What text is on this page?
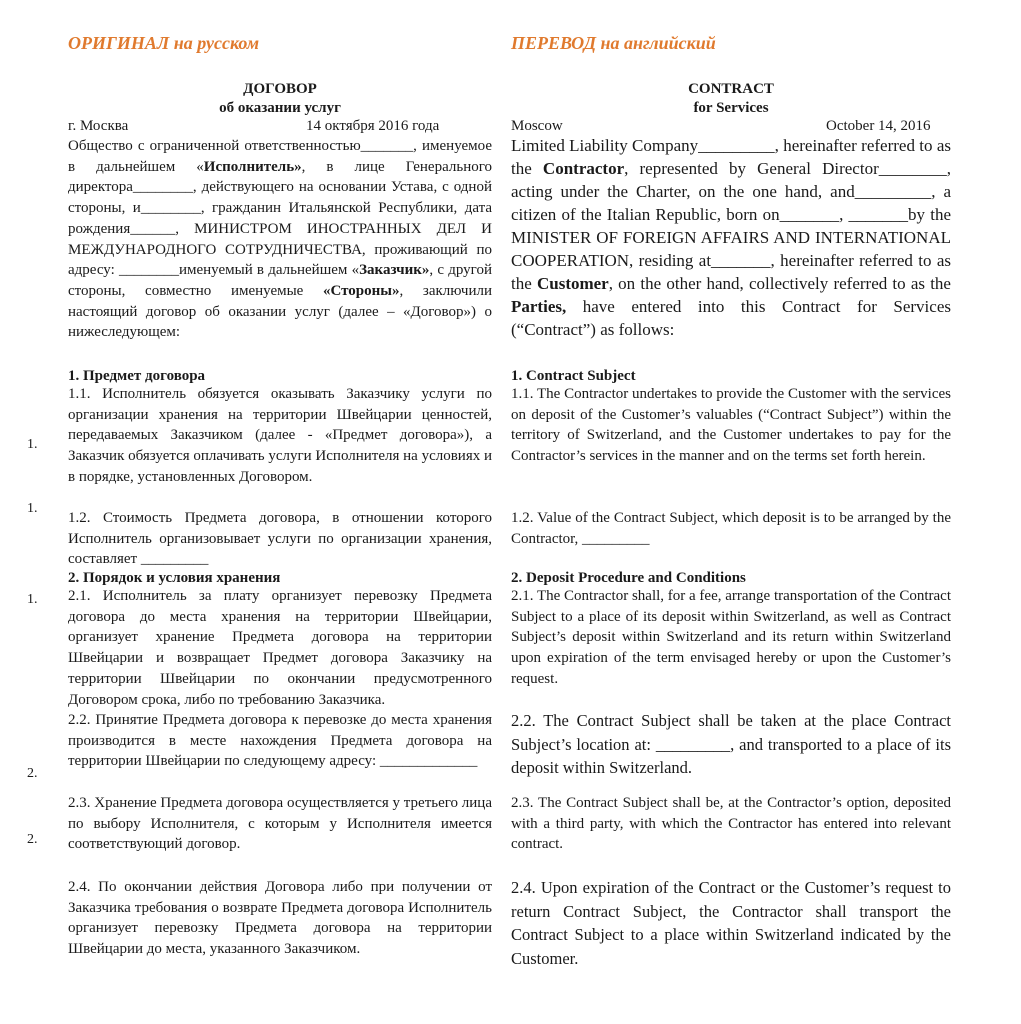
1.
1.
1.
2.
2.
ОРИГИНАЛ на русском
ДОГОВОР
об оказании услуг
г. Москва	14 октября 2016 года
Общество с ограниченной ответственностью_______, именуемое в дальнейшем «Исполнитель», в лице Генерального директора________, действующего на основании Устава, с одной стороны, и________, гражданин Итальянской Республики, дата рождения______, МИНИСТРОМ ИНОСТРАННЫХ ДЕЛ И МЕЖДУНАРОДНОГО СОТРУДНИЧЕСТВА, проживающий по адресу: ________именуемый в дальнейшем «Заказчик», с другой стороны, совместно именуемые «Стороны», заключили настоящий договор об оказании услуг (далее – «Договор») о нижеследующем:
1. Предмет договора
1.1. Исполнитель обязуется оказывать Заказчику услуги по организации хранения на территории Швейцарии ценностей, передаваемых Заказчиком (далее - «Предмет договора»), а Заказчик обязуется оплачивать услуги Исполнителя на условиях и в порядке, установленных Договором.
1.2. Стоимость Предмета договора, в отношении которого Исполнитель организовывает услуги по организации хранения, составляет _________
2. Порядок и условия хранения
2.1. Исполнитель за плату организует перевозку Предмета договора до места хранения на территории Швейцарии, организует хранение Предмета договора на территории Швейцарии и возвращает Предмет договора Заказчику на территории Швейцарии по окончании предусмотренного Договором срока, либо по требованию Заказчика.
2.2. Принятие Предмета договора к перевозке до места хранения производится в месте нахождения Предмета договора на территории Швейцарии по следующему адресу: _____________
2.3. Хранение Предмета договора осуществляется у третьего лица по выбору Исполнителя, с которым у Исполнителя имеется соответствующий договор.
2.4. По окончании действия Договора либо при получении от Заказчика требования о возврате Предмета договора Исполнитель организует перевозку Предмета договора на территории Швейцарии до места, указанного Заказчиком.
ПЕРЕВОД на английский
CONTRACT
for Services
Moscow	October 14, 2016
Limited Liability Company_________, hereinafter referred to as the Contractor, represented by General Director________, acting under the Charter, on the one hand, and_________, a citizen of the Italian Republic, born on_______, _______by the MINISTER OF FOREIGN AFFAIRS AND INTERNATIONAL COOPERATION, residing at_______, hereinafter referred to as the Customer, on the other hand, collectively referred to as the Parties, have entered into this Contract for Services (“Contract”) as follows:
1. Contract Subject
1.1. The Contractor undertakes to provide the Customer with the services on deposit of the Customer’s valuables (“Contract Subject”) within the territory of Switzerland, and the Customer undertakes to pay for the Contractor’s services in the manner and on the terms set forth herein.
1.2. Value of the Contract Subject, which deposit is to be arranged by the Contractor, _________
2. Deposit Procedure and Conditions
2.1. The Contractor shall, for a fee, arrange transportation of the Contract Subject to a place of its deposit within Switzerland, as well as Contract Subject’s deposit within Switzerland and its return within Switzerland upon expiration of the term envisaged hereby or upon the Customer’s request.
2.2. The Contract Subject shall be taken at the place Contract Subject’s location at: _________, and transported to a place of its deposit within Switzerland.
2.3. The Contract Subject shall be, at the Contractor’s option, deposited with a third party, with which the Contractor has entered into relevant contract.
2.4. Upon expiration of the Contract or the Customer’s request to return Contract Subject, the Contractor shall transport the Contract Subject to a place within Switzerland indicated by the Customer.
